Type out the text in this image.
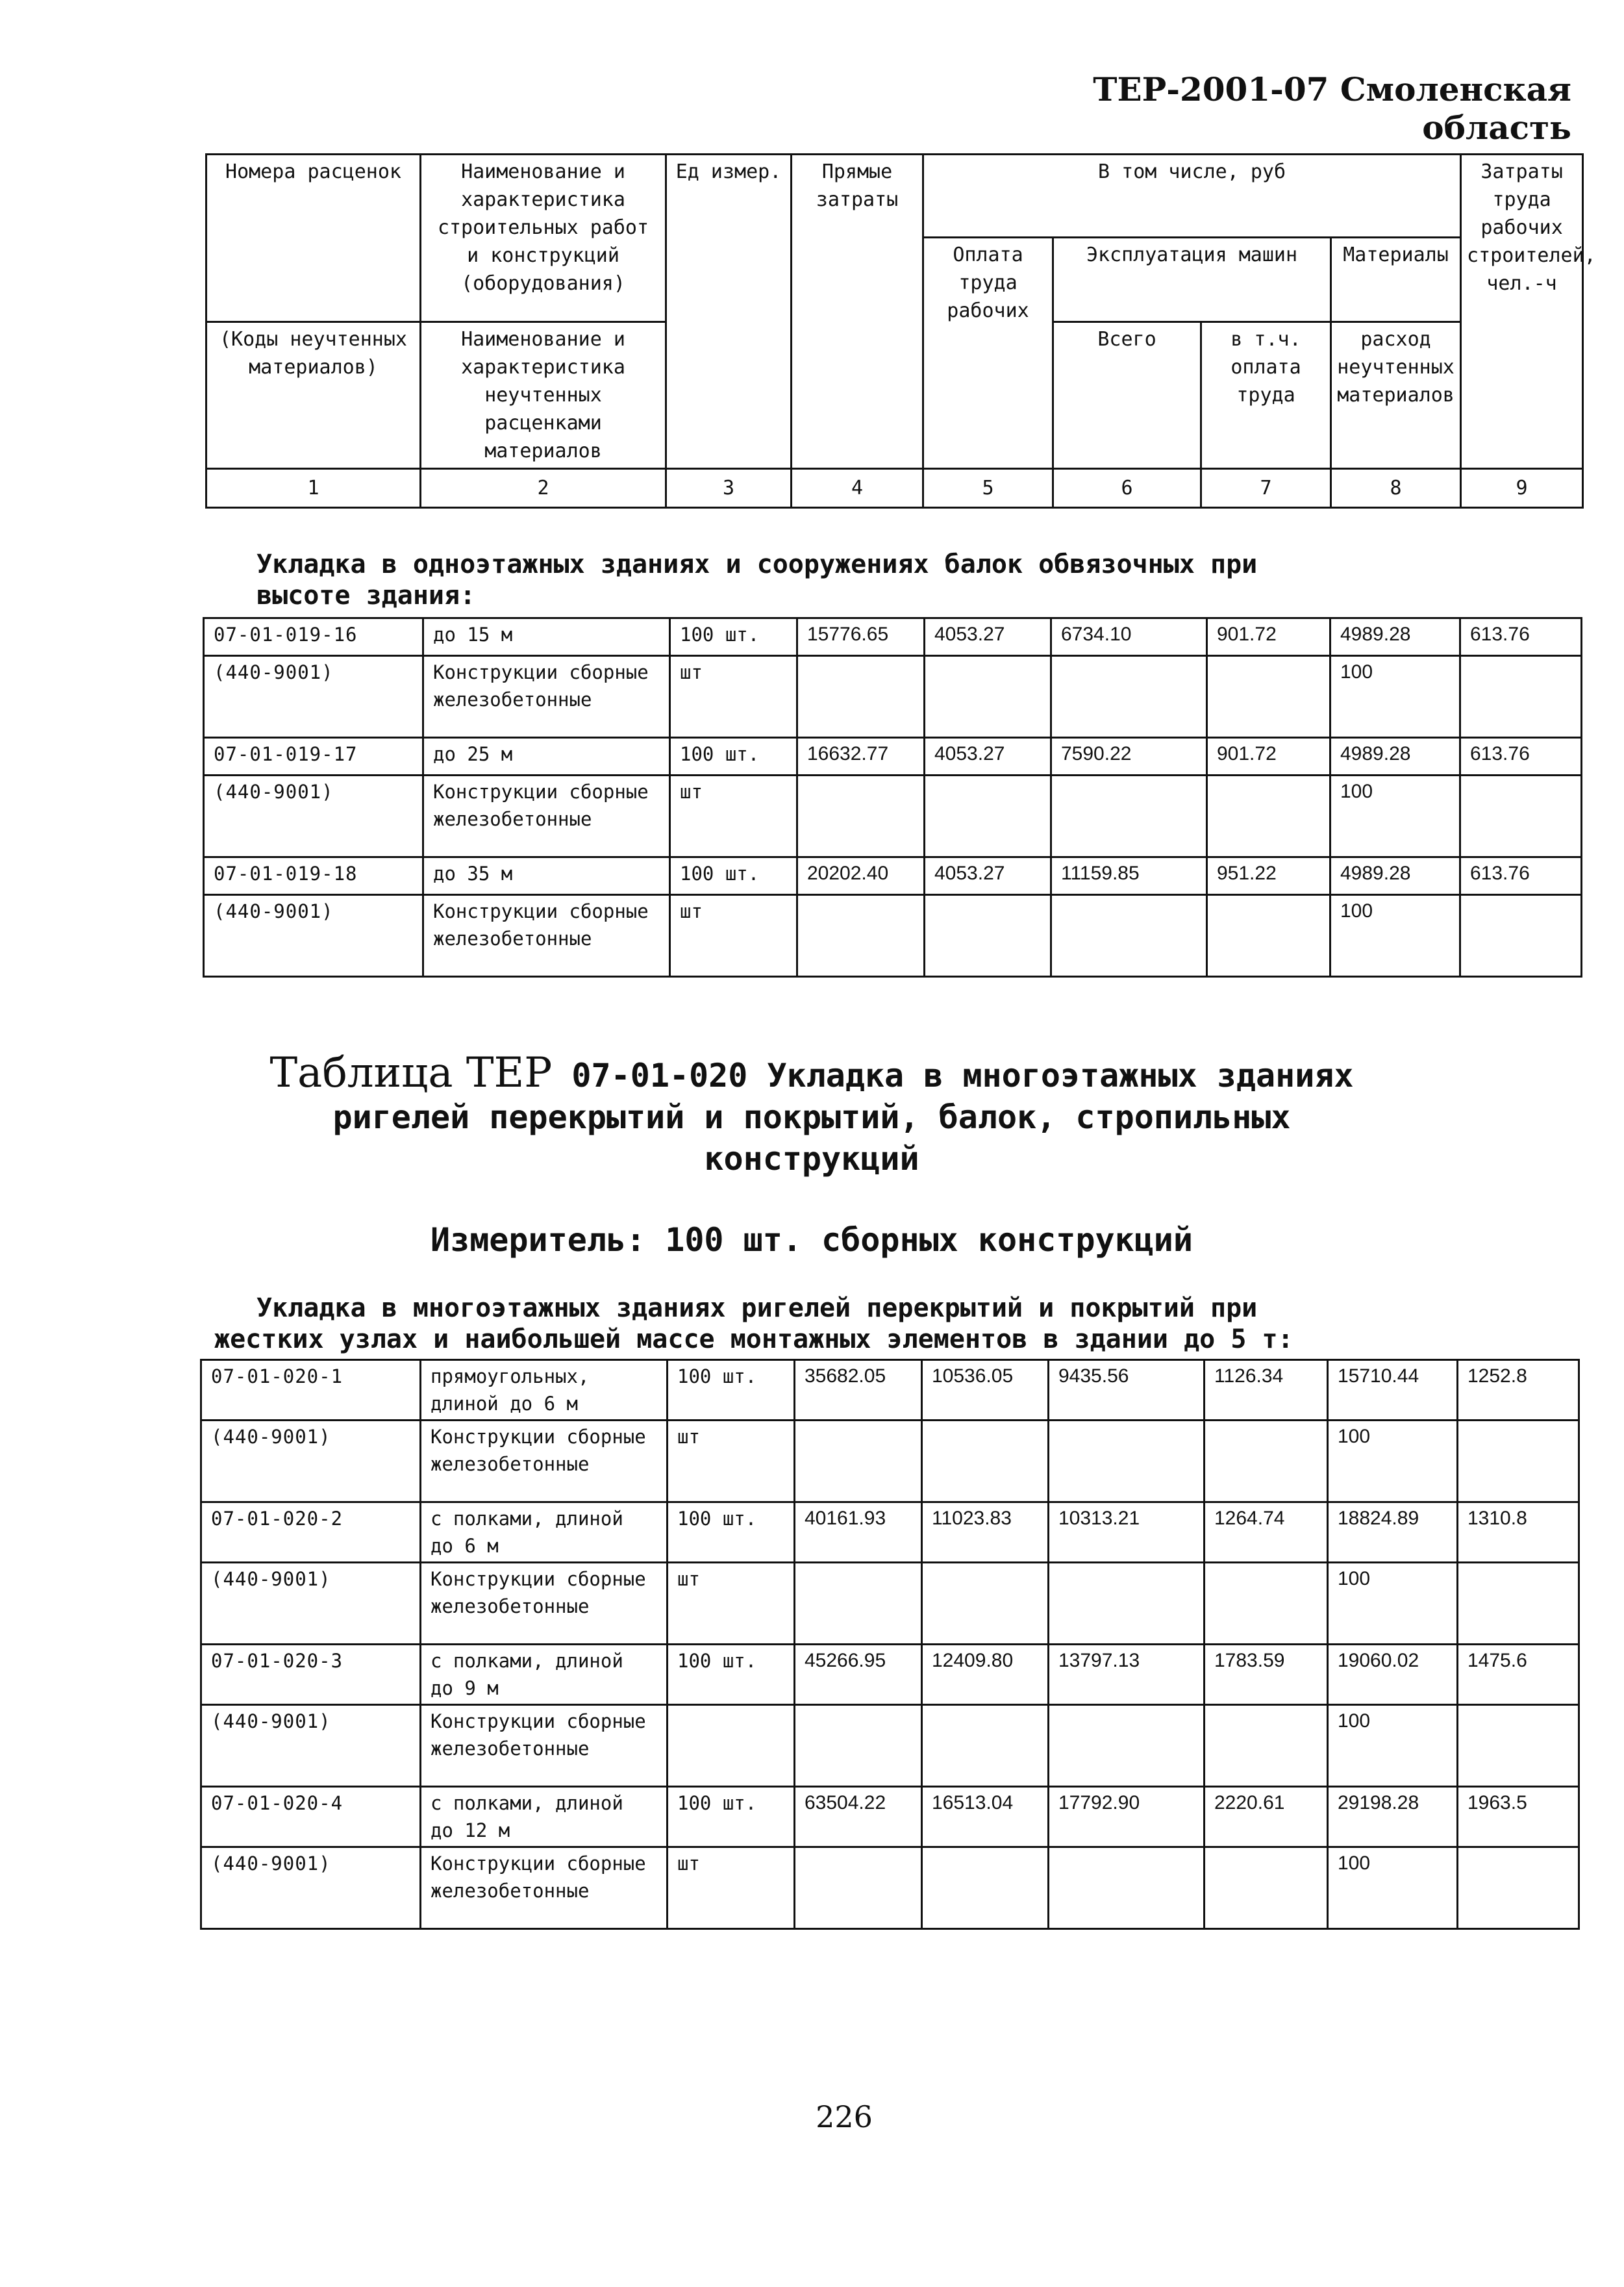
ТЕР-2001-07 Смоленская область
Номера расценок	Наименование и характеристика строительных работ и конструкций (оборудования)	Ед измер.	Прямые затраты	В том числе, руб				Затраты труда рабочих строителей, чел.-ч
				Оплата труда рабочих	Эксплуатация машин		Материалы	
(Коды неучтенных материалов)	Наименование и характеристика неучтенных расценками материалов				Всего	в т.ч. оплата труда	расход неучтенных материалов	
1	2	3	4	5	6	7	8	9
Укладка в одноэтажных зданиях и сооружениях балок обвязочных при
высоте здания:
07-01-019-16	до 15 м	100 шт.	15776.65	4053.27	6734.10	901.72	4989.28	613.76
(440-9001)	Конструкции сборные железобетонные	шт					100	
07-01-019-17	до 25 м	100 шт.	16632.77	4053.27	7590.22	901.72	4989.28	613.76
(440-9001)	Конструкции сборные железобетонные	шт					100	
07-01-019-18	до 35 м	100 шт.	20202.40	4053.27	11159.85	951.22	4989.28	613.76
(440-9001)	Конструкции сборные железобетонные	шт					100	
Таблица ТЕР 07-01-020 Укладка в многоэтажных зданиях
ригелей перекрытий и покрытий, балок, стропильных
конструкций
Измеритель: 100 шт. сборных конструкций
Укладка в многоэтажных зданиях ригелей перекрытий и покрытий при
жестких узлах и наибольшей массе монтажных элементов в здании до 5 т:
07-01-020-1	прямоугольных, длиной до 6 м	100 шт.	35682.05	10536.05	9435.56	1126.34	15710.44	1252.8
(440-9001)	Конструкции сборные железобетонные	шт					100	
07-01-020-2	с полками, длиной до 6 м	100 шт.	40161.93	11023.83	10313.21	1264.74	18824.89	1310.8
(440-9001)	Конструкции сборные железобетонные	шт					100	
07-01-020-3	с полками, длиной до 9 м	100 шт.	45266.95	12409.80	13797.13	1783.59	19060.02	1475.6
(440-9001)	Конструкции сборные железобетонные						100	
07-01-020-4	с полками, длиной до 12 м	100 шт.	63504.22	16513.04	17792.90	2220.61	29198.28	1963.5
(440-9001)	Конструкции сборные железобетонные	шт					100	
226
